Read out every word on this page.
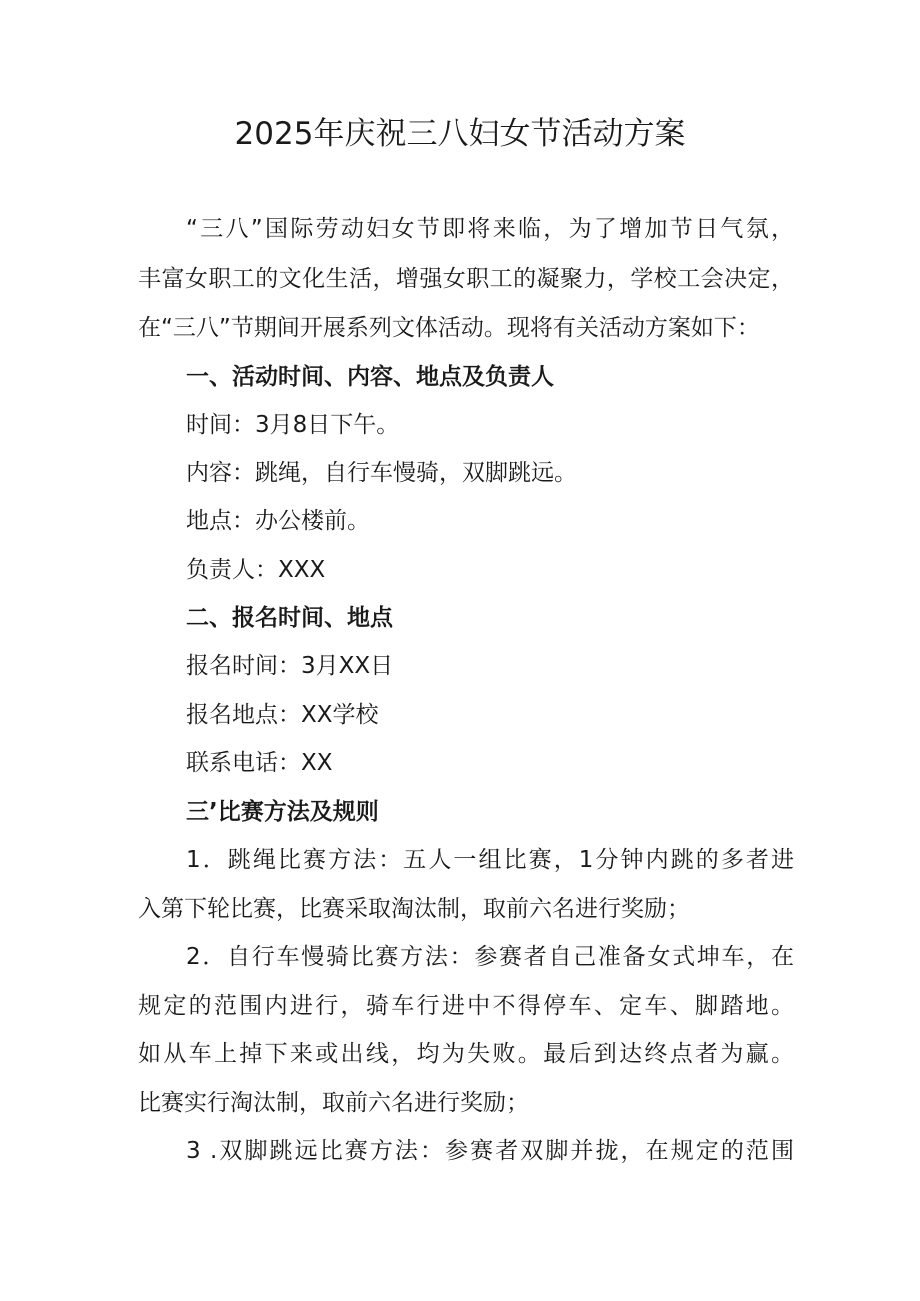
2025年庆祝三八妇女节活动方案
“三八”国际劳动妇女节即将来临，为了增加节日气氛，
丰富女职工的文化生活，增强女职工的凝聚力，学校工会决定，
在“三八”节期间开展系列文体活动。现将有关活动方案如下：
一、活动时间、内容、地点及负责人
时间：3月8日下午。
内容：跳绳，自行车慢骑，双脚跳远。
地点：办公楼前。
负责人：XXX
二、报名时间、地点
报名时间：3月XX日
报名地点：XX学校
联系电话：XX
三’比赛方法及规则
1．跳绳比赛方法：五人一组比赛，1分钟内跳的多者进
入第下轮比赛，比赛采取淘汰制，取前六名进行奖励；
2．自行车慢骑比赛方法：参赛者自己准备女式坤车，在
规定的范围内进行，骑车行进中不得停车、定车、脚踏地。
如从车上掉下来或出线，均为失败。最后到达终点者为赢。
比赛实行淘汰制，取前六名进行奖励；
3 .双脚跳远比赛方法：参赛者双脚并拢，在规定的范围
